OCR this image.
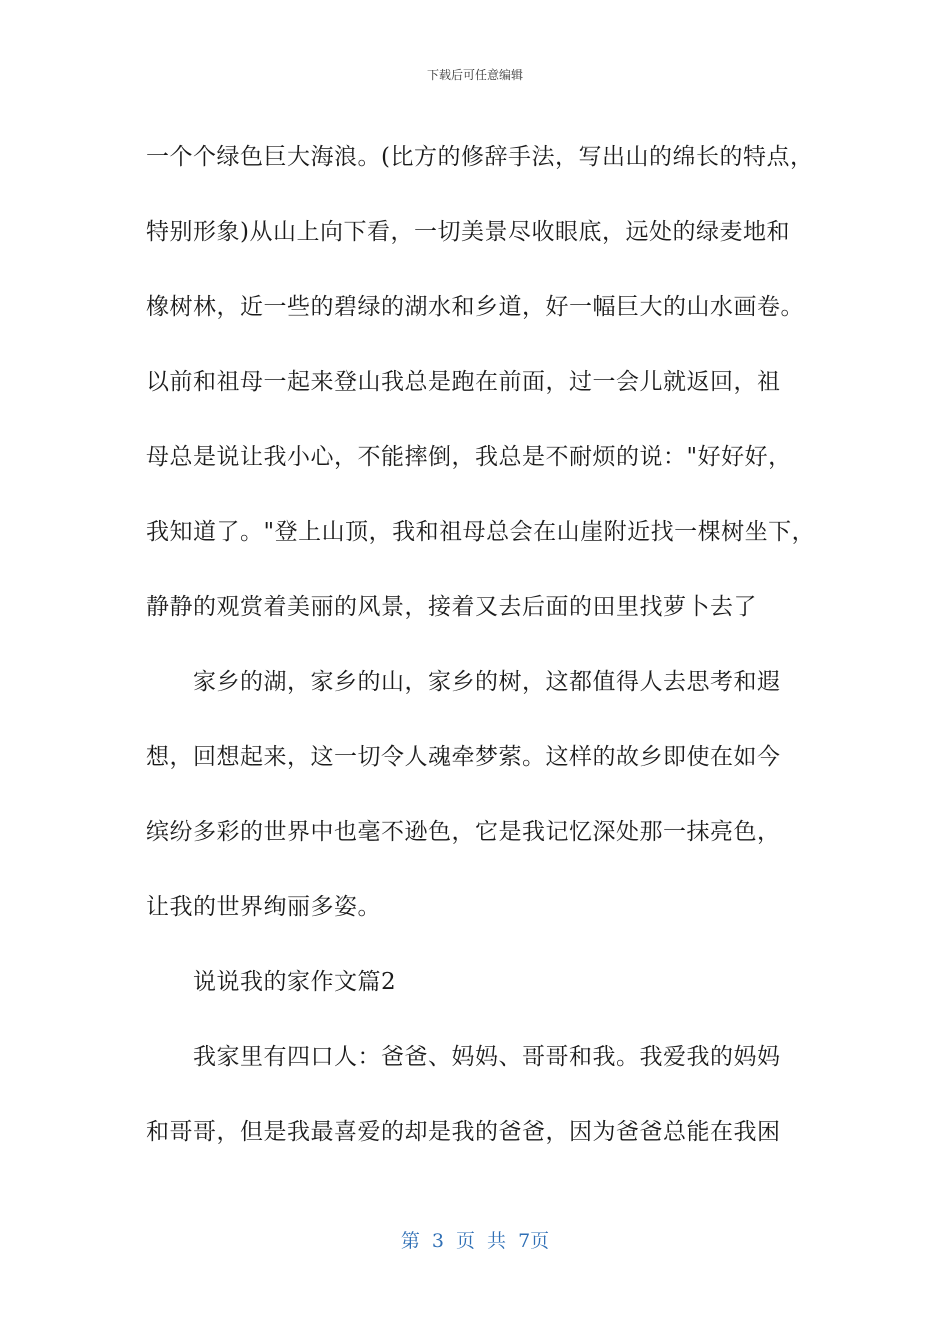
下载后可任意编辑
一个个绿色巨大海浪。(比方的修辞手法，写出山的绵长的特点，
特别形象)从山上向下看，一切美景尽收眼底，远处的绿麦地和
橡树林，近一些的碧绿的湖水和乡道，好一幅巨大的山水画卷。
以前和祖母一起来登山我总是跑在前面，过一会儿就返回，祖
母总是说让我小心，不能摔倒，我总是不耐烦的说："好好好，
我知道了。"登上山顶，我和祖母总会在山崖附近找一棵树坐下，
静静的观赏着美丽的风景，接着又去后面的田里找萝卜去了
家乡的湖，家乡的山，家乡的树，这都值得人去思考和遐
想，回想起来，这一切令人魂牵梦萦。这样的故乡即使在如今
缤纷多彩的世界中也毫不逊色，它是我记忆深处那一抹亮色，
让我的世界绚丽多姿。
说说我的家作文篇2
我家里有四口人：爸爸、妈妈、哥哥和我。我爱我的妈妈
和哥哥，但是我最喜爱的却是我的爸爸，因为爸爸总能在我困
第 3 页 共 7页
